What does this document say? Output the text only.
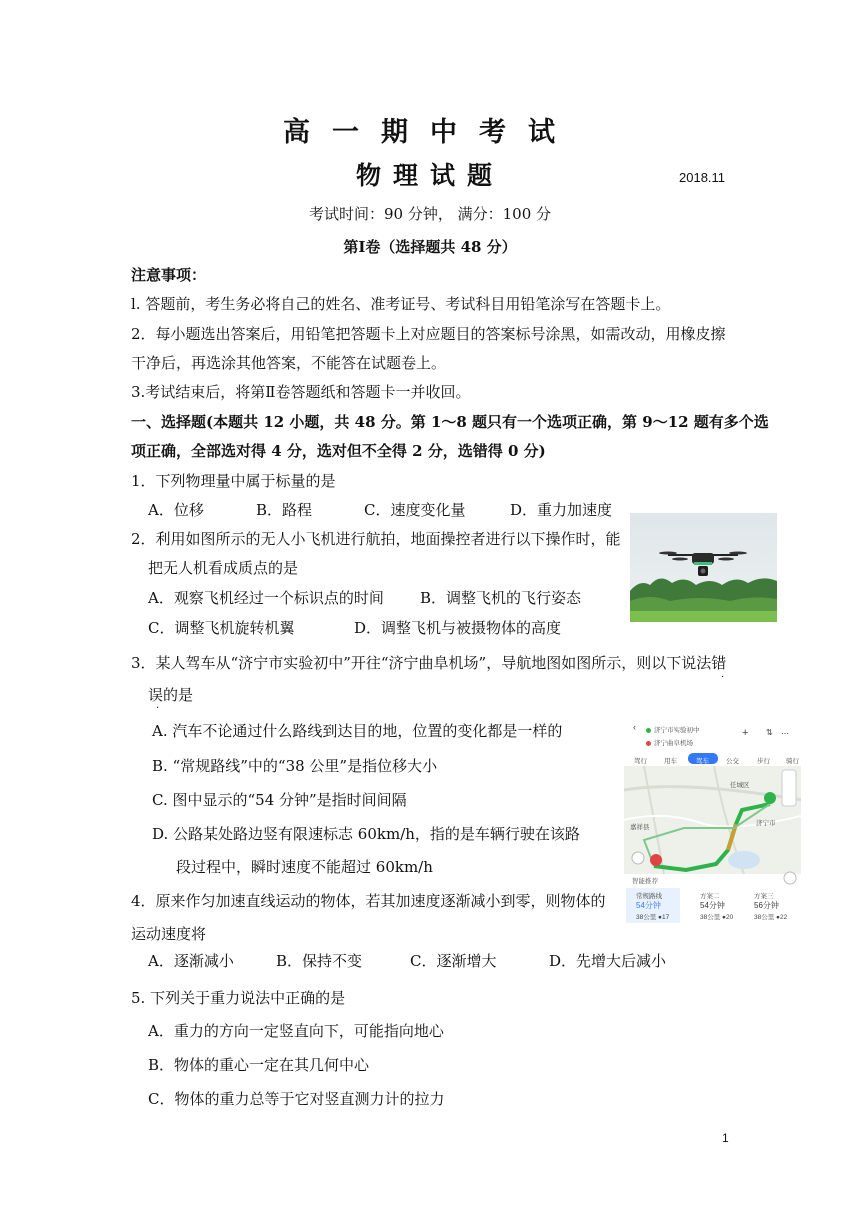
高一期中考试
物理试题	2018.11
考试时间：90 分钟， 满分：100 分
第Ⅰ卷（选择题共 48 分）
注意事项：
l. 答题前，考生务必将自己的姓名、准考证号、考试科目用铅笔涂写在答题卡上。
2．每小题选出答案后，用铅笔把答题卡上对应题目的答案标号涂黑，如需改动，用橡皮擦
干净后，再选涂其他答案，不能答在试题卷上。
3.考试结束后，将第Ⅱ卷答题纸和答题卡一并收回。
一、选择题(本题共 12 小题，共 48 分。第 1～8 题只有一个选项正确，第 9～12 题有多个选
项正确，全部选对得 4 分，选对但不全得 2 分，选错得 0 分)
1．下列物理量中属于标量的是
A．位移	B．路程	C．速度变化量	D．重力加速度
2．利用如图所示的无人小飞机进行航拍，地面操控者进行以下操作时，能
把无人机看成质点的是
A．观察飞机经过一个标识点的时间 B．调整飞机的飞行姿态
C．调整飞机旋转机翼	D．调整飞机与被摄物体的高度
3．某人驾车从“济宁市实验初中”开往“济宁曲阜机场”，导航地图如图所示，则以下说法错
·
误的是
·
A. 汽车不论通过什么路线到达目的地，位置的变化都是一样的
B. “常规路线”中的“38 公里”是指位移大小
C. 图中显示的“54 分钟”是指时间间隔
D. 公路某处路边竖有限速标志 60km/h，指的是车辆行驶在该路
段过程中，瞬时速度不能超过 60km/h
‹	济宁市实验初中
济宁曲阜机场
+ ⇅ ⋯
驾行	用车	驾车	公交	步行 骑行
任城区
济宁市
嘉祥县
智能推荐
常规路线
54分钟
38公里 ●17
方案二
54分钟
38公里 ●20
方案三
56分钟
38公里 ●22
4．原来作匀加速直线运动的物体，若其加速度逐渐减小到零，则物体的
运动速度将
A．逐渐减小	B．保持不变	C．逐渐增大	D．先增大后减小
5. 下列关于重力说法中正确的是
A．重力的方向一定竖直向下，可能指向地心
B．物体的重心一定在其几何中心
C．物体的重力总等于它对竖直测力计的拉力
1
